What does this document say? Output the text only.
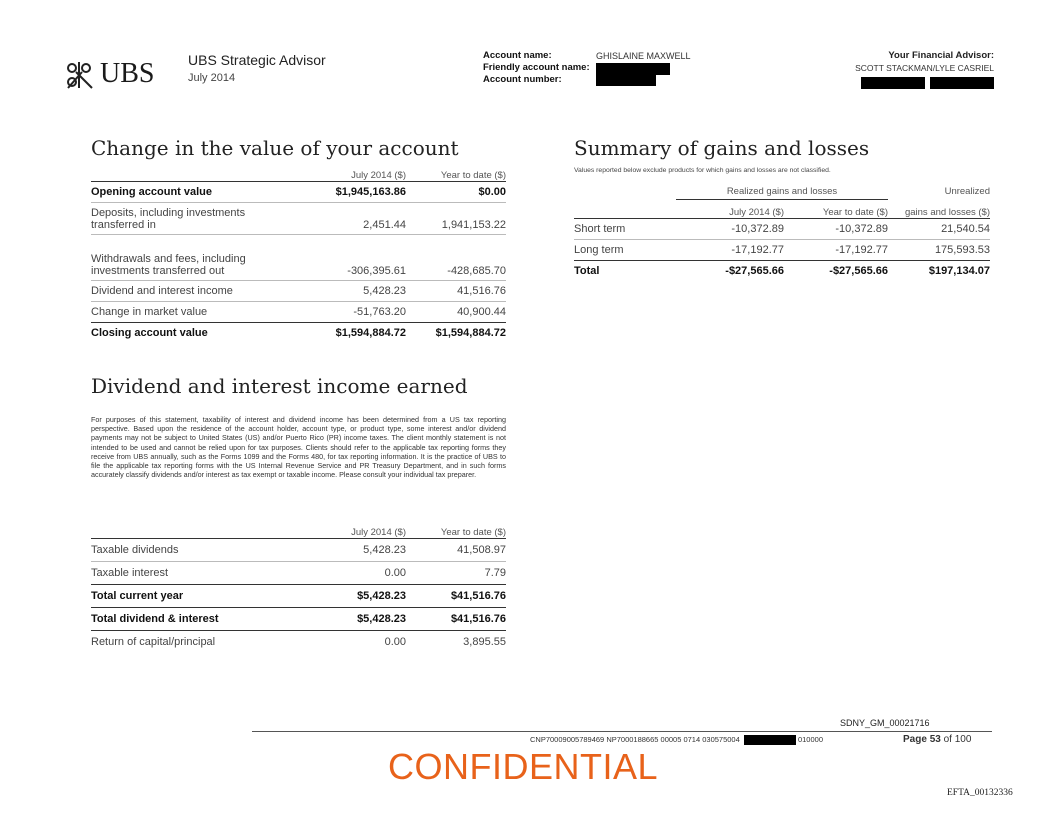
UBS UBS Strategic Advisor
July 2014
Account name:
Friendly account name:
Account number:
GHISLAINE MAXWELL	Your Financial Advisor:
SCOTT STACKMAN/LYLE CASRIEL

Change in the value of your account
	July 2014 ($)	Year to date ($)
Opening account value	$1,945,163.86	$0.00
Deposits, including investments transferred in	2,451.44	1,941,153.22
Withdrawals and fees, including investments transferred out	-306,395.61	-428,685.70
Dividend and interest income	5,428.23	41,516.76
Change in market value	-51,763.20	40,900.44
Closing account value	$1,594,884.72	$1,594,884.72
Summary of gains and losses
Values reported below exclude products for which gains and losses are not classified.
Realized gains and losses	Unrealized
	July 2014 ($)	Year to date ($)	gains and losses ($)
Short term	-10,372.89	-10,372.89	21,540.54
Long term	-17,192.77	-17,192.77	175,593.53
Total	-$27,565.66	-$27,565.66	$197,134.07
Dividend and interest income earned
For purposes of this statement, taxability of interest and dividend income has been determined from a US tax reporting perspective. Based upon the residence of the account holder, account type, or product type, some interest and/or dividend payments may not be subject to United States (US) and/or Puerto Rico (PR) income taxes. The client monthly statement is not intended to be used and cannot be relied upon for tax purposes. Clients should refer to the applicable tax reporting forms they receive from UBS annually, such as the Forms 1099 and the Forms 480, for tax reporting information. It is the practice of UBS to file the applicable tax reporting forms with the US Internal Revenue Service and PR Treasury Department, and in such forms accurately classify dividends and/or interest as tax exempt or taxable income. Please consult your individual tax preparer.
	July 2014 ($)	Year to date ($)
Taxable dividends	5,428.23	41,508.97
Taxable interest	0.00	7.79
Total current year	$5,428.23	$41,516.76
Total dividend & interest	$5,428.23	$41,516.76
Return of capital/principal	0.00	3,895.55
SDNY_GM_00021716
CNP70009005789469 NP7000188665 00005 0714 030575004	010000	Page 53 of 100
CONFIDENTIAL
EFTA_00132336
